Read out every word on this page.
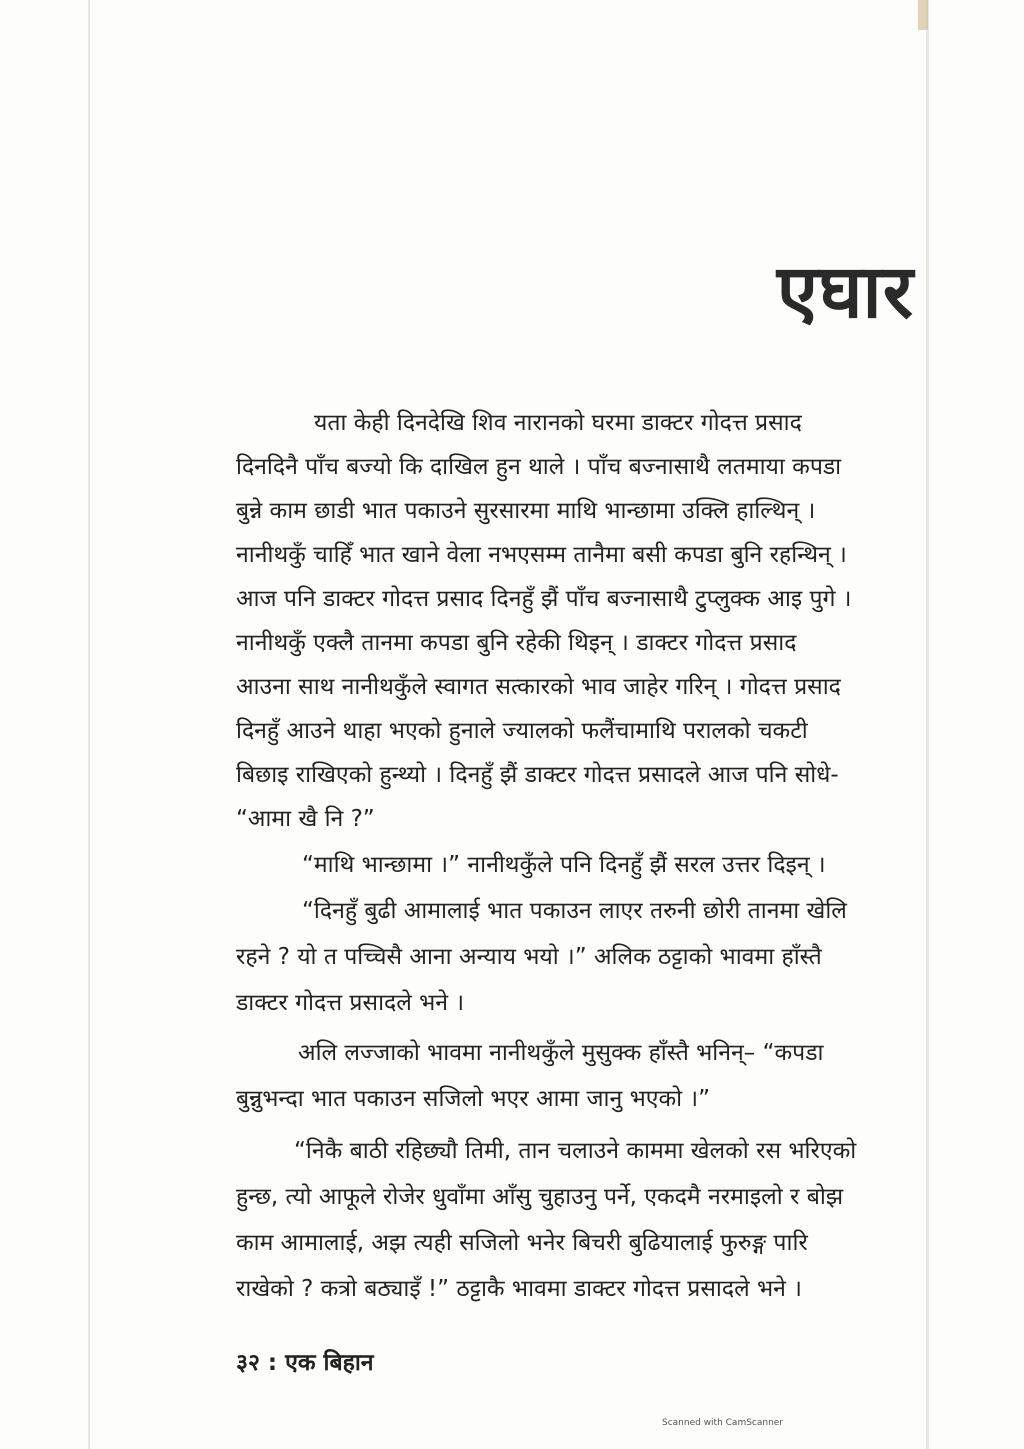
एघार
यता केही दिनदेखि शिव नारानको घरमा डाक्टर गोदत्त प्रसाद
दिनदिनै पाँच बज्यो कि दाखिल हुन थाले । पाँच बज्नासाथै लतमाया कपडा
बुन्ने काम छाडी भात पकाउने सुरसारमा माथि भान्छामा उक्लि हाल्थिन् ।
नानीथकुँ चाहिँ भात खाने वेला नभएसम्म तानैमा बसी कपडा बुनि रहन्थिन् ।
आज पनि डाक्टर गोदत्त प्रसाद दिनहुँ झैं पाँच बज्नासाथै टुप्लुक्क आइ पुगे ।
नानीथकुँ एक्लै तानमा कपडा बुनि रहेकी थिइन् । डाक्टर गोदत्त प्रसाद
आउना साथ नानीथकुँले स्वागत सत्कारको भाव जाहेर गरिन् । गोदत्त प्रसाद
दिनहुँ आउने थाहा भएको हुनाले ज्यालको फलैंचामाथि परालको चकटी
बिछाइ राखिएको हुन्थ्यो । दिनहुँ झैं डाक्टर गोदत्त प्रसादले आज पनि सोधे-
“आमा खै नि ?”
“माथि भान्छामा ।” नानीथकुँले पनि दिनहुँ झैं सरल उत्तर दिइन् ।
“दिनहुँ बुढी आमालाई भात पकाउन लाएर तरुनी छोरी तानमा खेलि
रहने ? यो त पच्चिसै आना अन्याय भयो ।” अलिक ठट्टाको भावमा हाँस्तै
डाक्टर गोदत्त प्रसादले भने ।
अलि लज्जाको भावमा नानीथकुँले मुसुक्क हाँस्तै भनिन्– “कपडा
बुन्नुभन्दा भात पकाउन सजिलो भएर आमा जानु भएको ।”
“निकै बाठी रहिछ्यौ तिमी, तान चलाउने काममा खेलको रस भरिएको
हुन्छ, त्यो आफूले रोजेर धुवाँमा आँसु चुहाउनु पर्ने, एकदमै नरमाइलो र बोझ
काम आमालाई, अझ त्यही सजिलो भनेर बिचरी बुढियालाई फुरुङ्ग पारि
राखेको ? कत्रो बठ्याइँ !” ठट्टाकै भावमा डाक्टर गोदत्त प्रसादले भने ।
३२ : एक बिहान
Scanned with CamScanner
